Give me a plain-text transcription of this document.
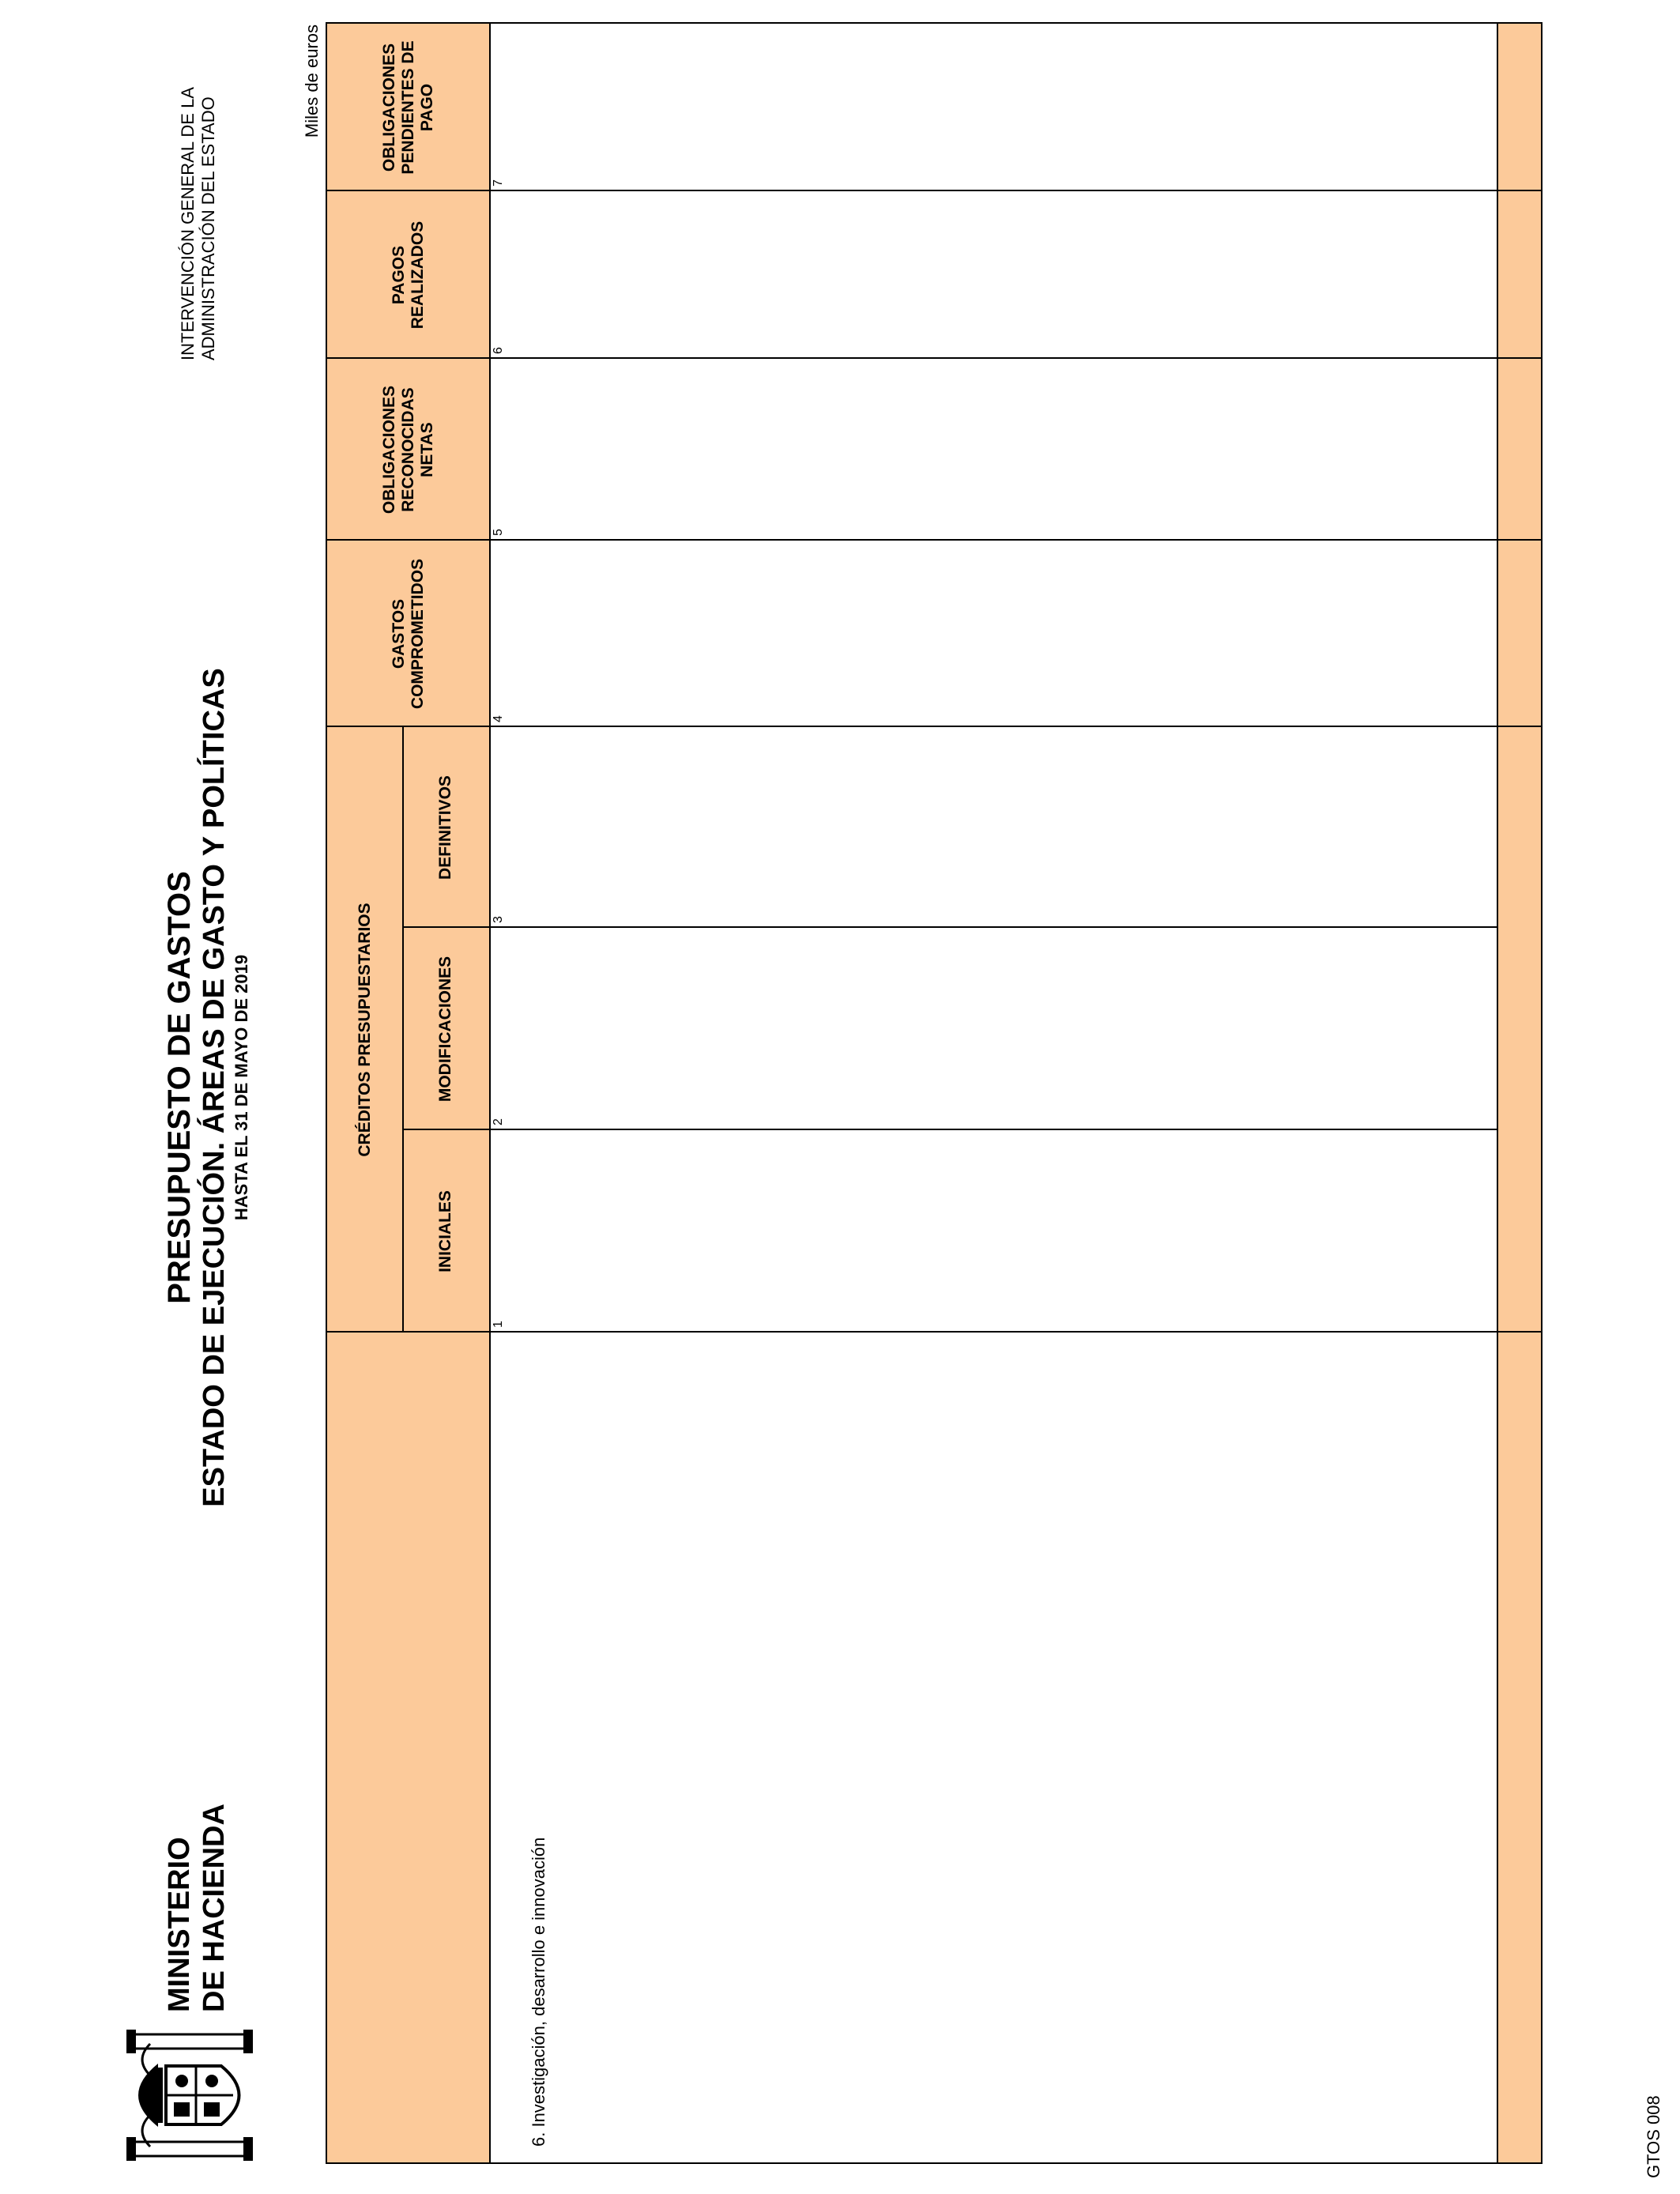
MINISTERIO DE HACIENDA
PRESUPUESTO DE GASTOS ESTADO DE EJECUCIÓN. ÁREAS DE GASTO Y POLÍTICAS HASTA EL 31 DE MAYO DE 2019
INTERVENCIÓN GENERAL DE LA ADMINISTRACIÓN DEL ESTADO
Miles de euros
CRÉDITOS PRESUPUESTARIOS
INICIALES
MODIFICACIONES
DEFINITIVOS
GASTOS COMPROMETIDOS
OBLIGACIONES RECONOCIDAS NETAS
PAGOS REALIZADOS
OBLIGACIONES PENDIENTES DE PAGO
1
2
3
4
5
6
7
6. Investigación, desarrollo e innovación	GTOS 008
